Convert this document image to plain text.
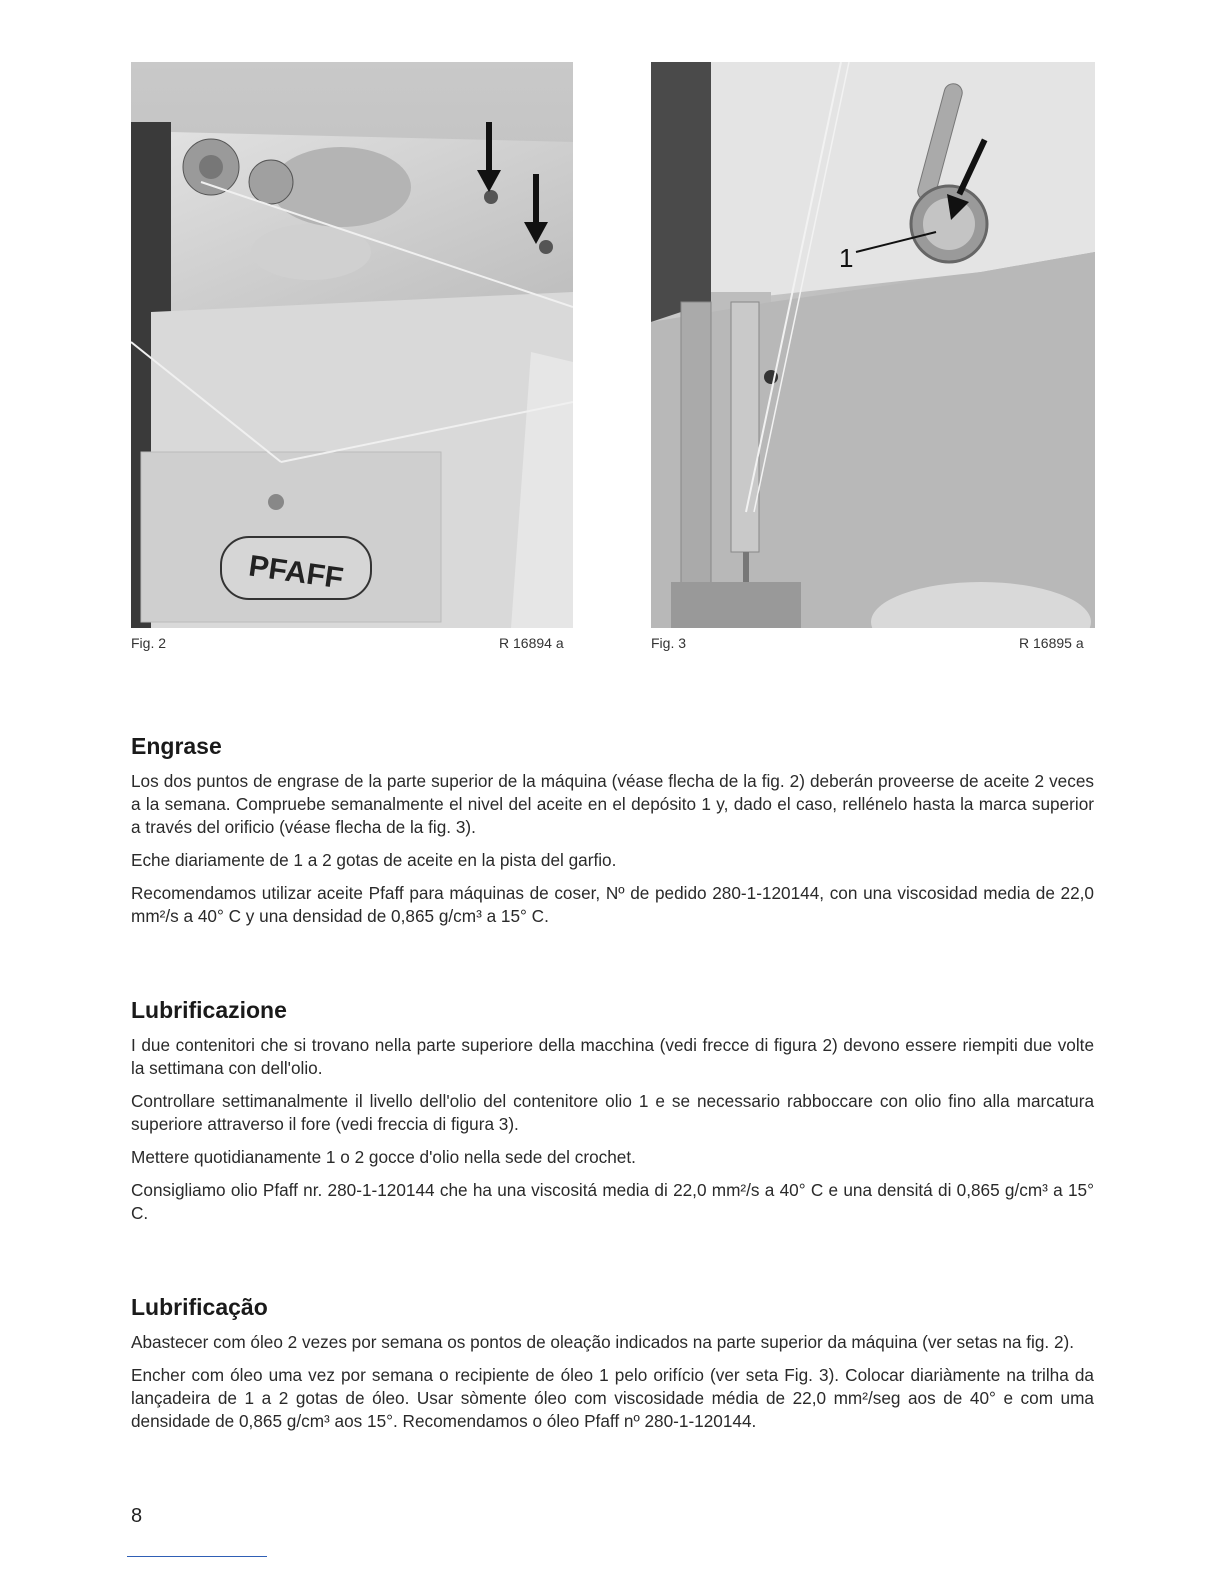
PFAFF
Fig. 2	R 16894 a
1
Fig. 3	R 16895 a
Engrase

Los dos puntos de engrase de la parte superior de la máquina (véase flecha de la fig. 2) deberán proveerse de aceite 2 veces a la semana. Compruebe semanalmente el nivel del aceite en el depósito 1 y, dado el caso, rellénelo hasta la marca superior a través del orificio (véase flecha de la fig. 3).

Eche diariamente de 1 a 2 gotas de aceite en la pista del garfio.

Recomendamos utilizar aceite Pfaff para máquinas de coser, Nº de pedido 280-1-120144, con una viscosidad media de 22,0 mm²/s a 40° C y una densidad de 0,865 g/cm³ a 15° C.

Lubrificazione

I due contenitori che si trovano nella parte superiore della macchina (vedi frecce di figura 2) devono essere riempiti due volte la settimana con dell'olio.

Controllare settimanalmente il livello dell'olio del contenitore olio 1 e se necessario rabboccare con olio fino alla marcatura superiore attraverso il fore (vedi freccia di figura 3).

Mettere quotidianamente 1 o 2 gocce d'olio nella sede del crochet.

Consigliamo olio Pfaff nr. 280-1-120144 che ha una viscositá media di 22,0 mm²/s a 40° C e una densitá di 0,865 g/cm³ a 15° C.

Lubrificação

Abastecer com óleo 2 vezes por semana os pontos de oleação indicados na parte superior da máquina (ver setas na fig. 2).

Encher com óleo uma vez por semana o recipiente de óleo 1 pelo orifício (ver seta Fig. 3). Colocar diariàmente na trilha da lançadeira de 1 a 2 gotas de óleo. Usar sòmente óleo com viscosidade média de 22,0 mm²/seg aos de 40° e com uma densidade de 0,865 g/cm³ aos 15°. Recomendamos o óleo Pfaff nº 280-1-120144.

8
